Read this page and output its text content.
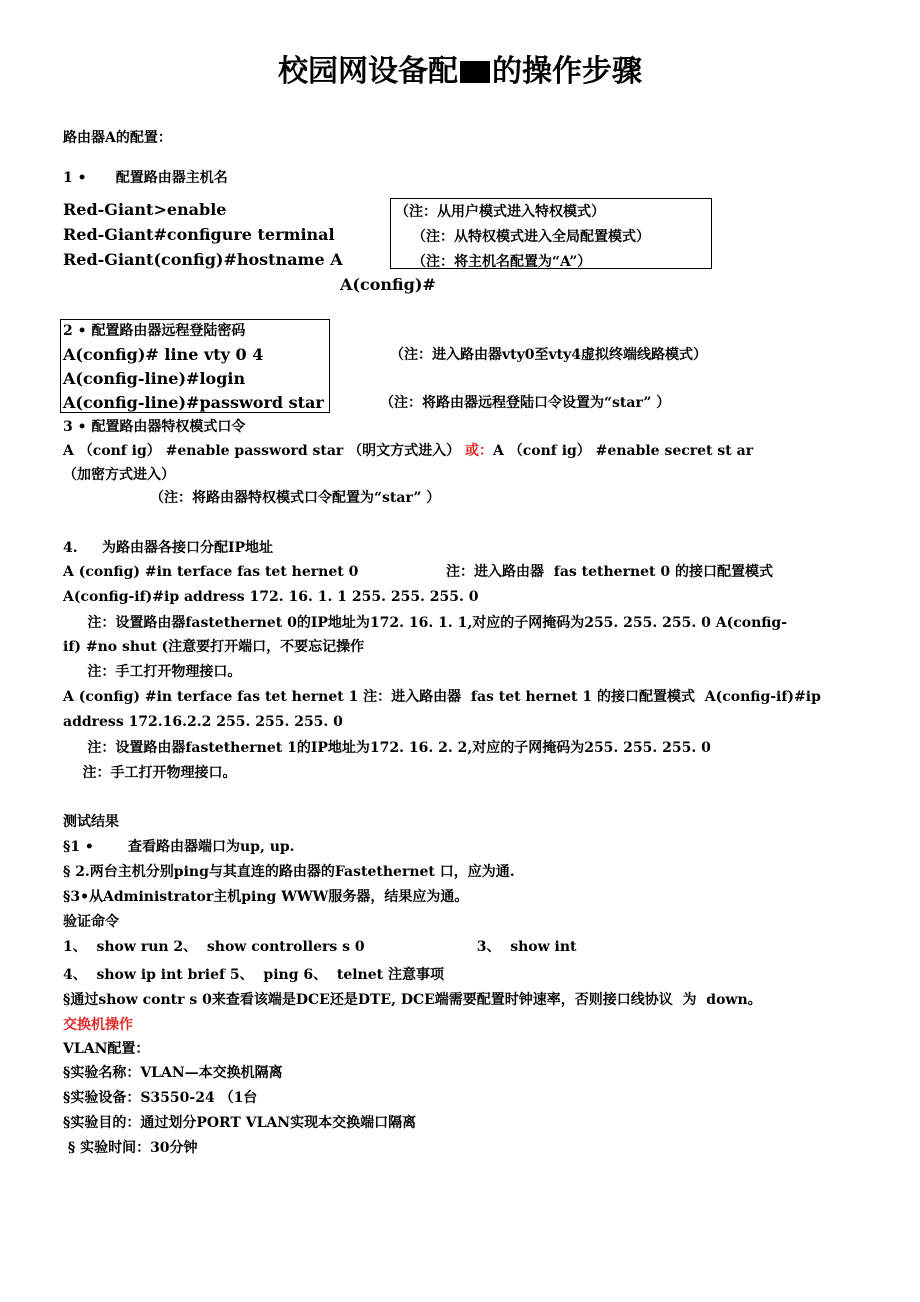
校园网设备配 的操作步骤

路由器A的配置：

1 •      配置路由器主机名

Red-Giant>enable

Red-Giant#configure terminal

Red-Giant(config)#hostname A

（注：从用户模式进入特权模式）

（注：从特权模式进入全局配置模式）

（注：将主机名配置为“A”）

A(config)#

2 • 配置路由器远程登陆密码

A(config)# line vty 0 4

A(config-line)#login

A(config-line)#password star

（注：进入路由器vty0至vty4虚拟终端线路模式）

（注：将路由器远程登陆口令设置为“star” ）

3 • 配置路由器特权模式口令

A （conf ig） #enable password star （明文方式进入） 或：A （conf ig） #enable secret st ar

（加密方式进入）

（注：将路由器特权模式口令配置为“star” ）

4.     为路由器各接口分配IP地址

A (config) #in terface fas tet hernet 0                  注：进入路由器  fas tethernet 0 的接口配置模式

A(config-if)#ip address 172. 16. 1. 1 255. 255. 255. 0

注：设置路由器fastethernet 0的IP地址为172. 16. 1. 1,对应的子网掩码为255. 255. 255. 0 A(config-

if) #no shut (注意要打开端口，不要忘记操作

注：手工打开物理接口。

A (config) #in terface fas tet hernet 1 注：进入路由器  fas tet hernet 1 的接口配置模式  A(config-if)#ip

address 172.16.2.2 255. 255. 255. 0

注：设置路由器fastethernet 1的IP地址为172. 16. 2. 2,对应的子网掩码为255. 255. 255. 0

注：手工打开物理接口。

测试结果

§1 •       查看路由器端口为up, up.

§ 2.两台主机分别ping与其直连的路由器的Fastethernet 口，应为通.

§3•从Administrator主机ping WWW服务器，结果应为通。

验证命令

1、  show run 2、  show controllers s 0                       3、  show int

4、  show ip int brief 5、  ping 6、  telnet 注意事项

§通过show contr s 0来查看该端是DCE还是DTE, DCE端需要配置时钟速率，否则接口线协议  为  down。

交换机操作

VLAN配置：

§实验名称：VLAN—本交换机隔离

§实验设备：S3550-24 （1台

§实验目的：通过划分PORT VLAN实现本交换端口隔离

§ 实验时间：30分钟
